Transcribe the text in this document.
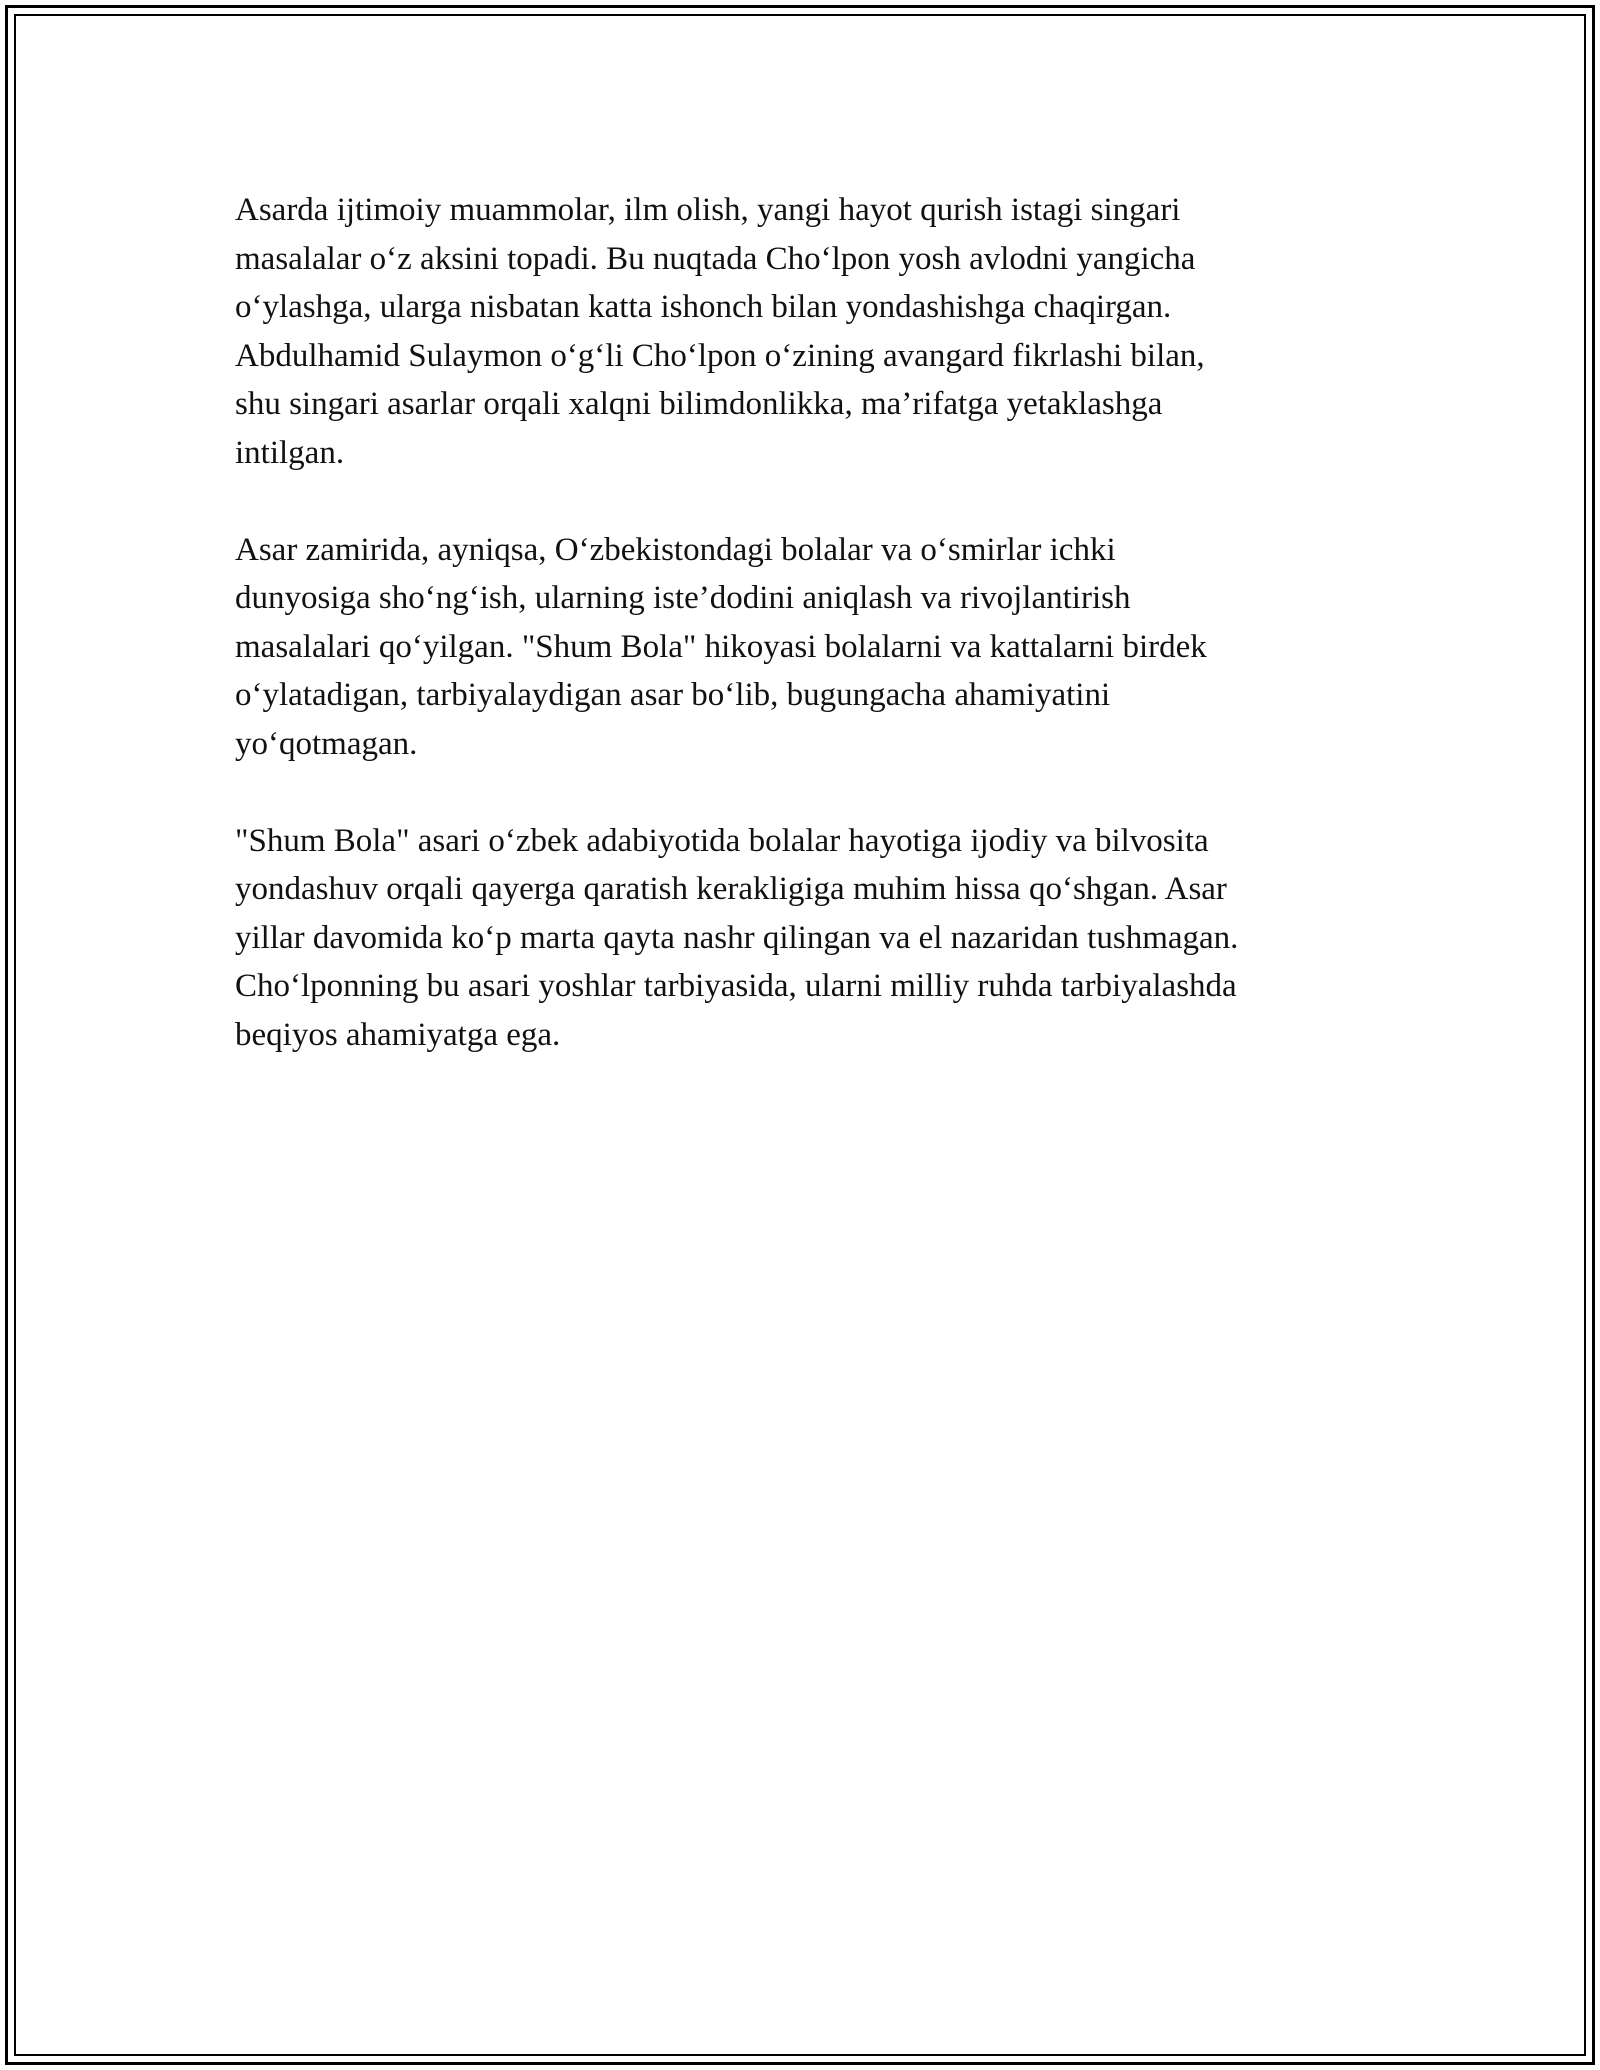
Asarda ijtimoiy muammolar, ilm olish, yangi hayot qurish istagi singari
masalalar o‘z aksini topadi. Bu nuqtada Cho‘lpon yosh avlodni yangicha
o‘ylashga, ularga nisbatan katta ishonch bilan yondashishga chaqirgan.
Abdulhamid Sulaymon o‘g‘li Cho‘lpon o‘zining avangard fikrlashi bilan,
shu singari asarlar orqali xalqni bilimdonlikka, ma’rifatga yetaklashga
intilgan.

Asar zamirida, ayniqsa, O‘zbekistondagi bolalar va o‘smirlar ichki
dunyosiga sho‘ng‘ish, ularning iste’dodini aniqlash va rivojlantirish
masalalari qo‘yilgan. "Shum Bola" hikoyasi bolalarni va kattalarni birdek
o‘ylatadigan, tarbiyalaydigan asar bo‘lib, bugungacha ahamiyatini
yo‘qotmagan.

"Shum Bola" asari o‘zbek adabiyotida bolalar hayotiga ijodiy va bilvosita
yondashuv orqali qayerga qaratish kerakligiga muhim hissa qo‘shgan. Asar
yillar davomida ko‘p marta qayta nashr qilingan va el nazaridan tushmagan.
Cho‘lponning bu asari yoshlar tarbiyasida, ularni milliy ruhda tarbiyalashda
beqiyos ahamiyatga ega.
